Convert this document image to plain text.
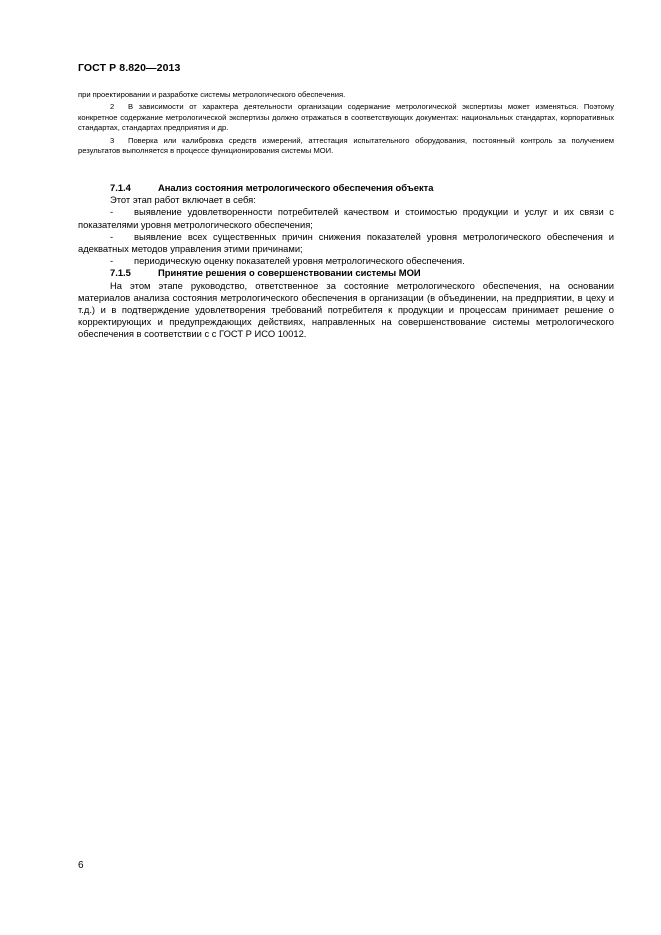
ГОСТ Р 8.820—2013

при проектировании и разработке системы метрологического обеспечения.

2 В зависимости от характера деятельности организации содержание метрологической экспертизы может изменяться. Поэтому конкретное содержание метрологической экспертизы должно отражаться в соответствующих документах: национальных стандартах, корпоративных стандартах, стандартах предприятия и др.

3 Поверка или калибровка средств измерений, аттестация испытательного оборудования, постоянный контроль за получением результатов выполняется в процессе функционирования системы МОИ.

7.1.4	Анализ состояния метрологического обеспечения объекта

Этот этап работ включает в себя:

- выявление удовлетворенности потребителей качеством и стоимостью продукции и услуг и их связи с показателями уровня метрологического обеспечения;

- выявление всех существенных причин снижения показателей уровня метрологического обеспечения и адекватных методов управления этими причинами;

- периодическую оценку показателей уровня метрологического обеспечения.

7.1.5	Принятие решения о совершенствовании системы МОИ

На этом этапе руководство, ответственное за состояние метрологического обеспечения, на основании материалов анализа состояния метрологического обеспечения в организации (в объединении, на предприятии, в цеху и т.д.) и в подтверждение удовлетворения требований потребителя к продукции и процессам принимает решение о корректирующих и предупреждающих действиях, направленных на совершенствование системы метрологического обеспечения в соответствии с с ГОСТ Р ИСО 10012.

6
